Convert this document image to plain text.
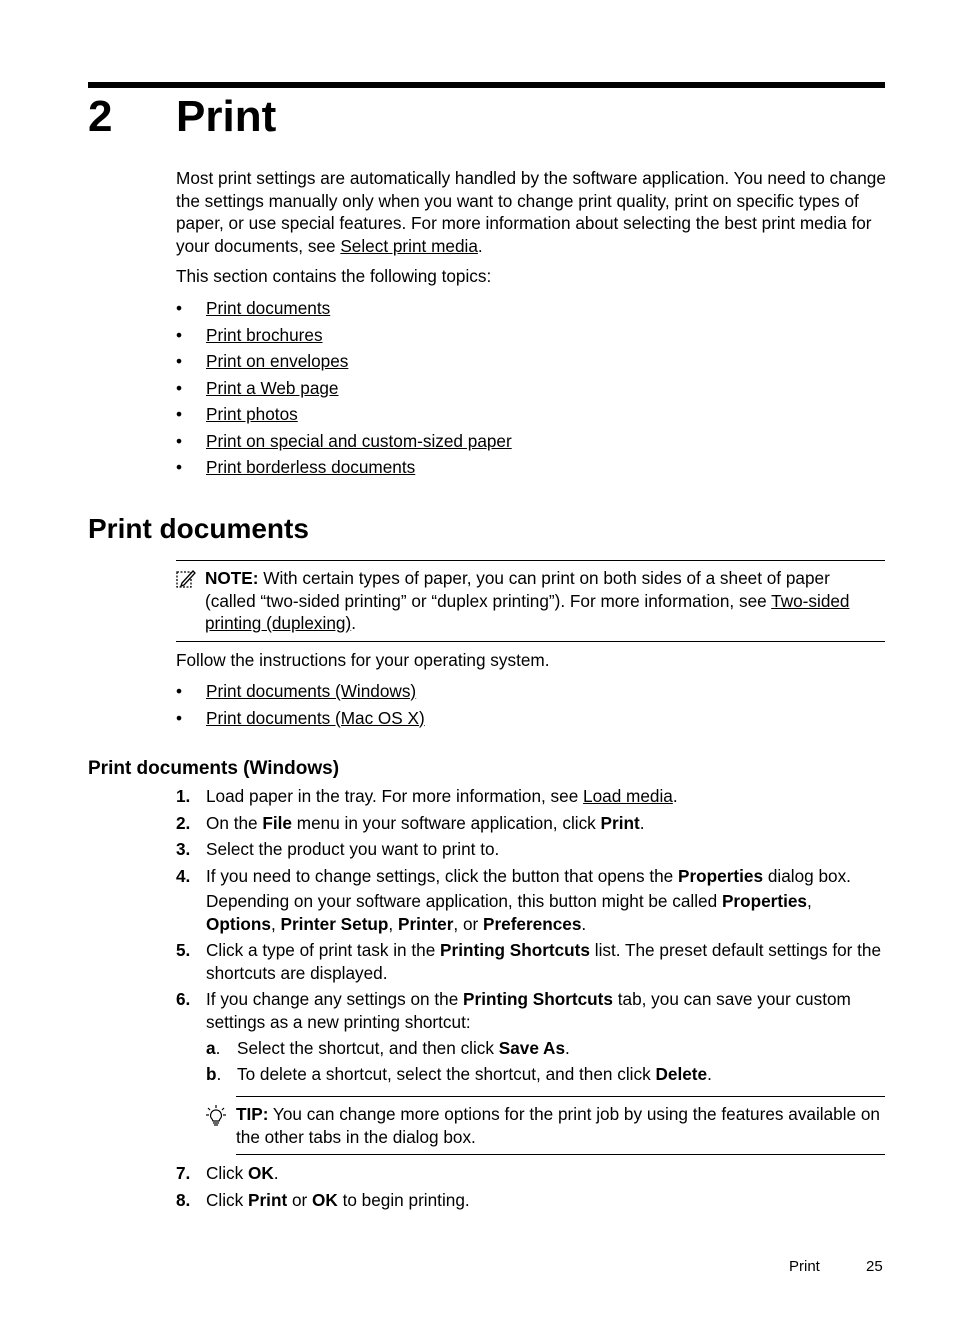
2 Print
Most print settings are automatically handled by the software application. You need to change the settings manually only when you want to change print quality, print on specific types of paper, or use special features. For more information about selecting the best print media for your documents, see Select print media.
This section contains the following topics:
• Print documents
• Print brochures
• Print on envelopes
• Print a Web page
• Print photos
• Print on special and custom-sized paper
• Print borderless documents
Print documents
NOTE: With certain types of paper, you can print on both sides of a sheet of paper (called “two-sided printing” or “duplex printing”). For more information, see Two-sided printing (duplexing).
Follow the instructions for your operating system.
• Print documents (Windows)
• Print documents (Mac OS X)
Print documents (Windows)
1. Load paper in the tray. For more information, see Load media.
2. On the File menu in your software application, click Print.
3. Select the product you want to print to.
4. If you need to change settings, click the button that opens the Properties dialog box.
Depending on your software application, this button might be called Properties, Options, Printer Setup, Printer, or Preferences.
5. Click a type of print task in the Printing Shortcuts list. The preset default settings for the shortcuts are displayed.
6. If you change any settings on the Printing Shortcuts tab, you can save your custom settings as a new printing shortcut:
a. Select the shortcut, and then click Save As.
b. To delete a shortcut, select the shortcut, and then click Delete.
7. Click OK.
8. Click Print or OK to begin printing.
TIP: You can change more options for the print job by using the features available on the other tabs in the dialog box.
Print	25
